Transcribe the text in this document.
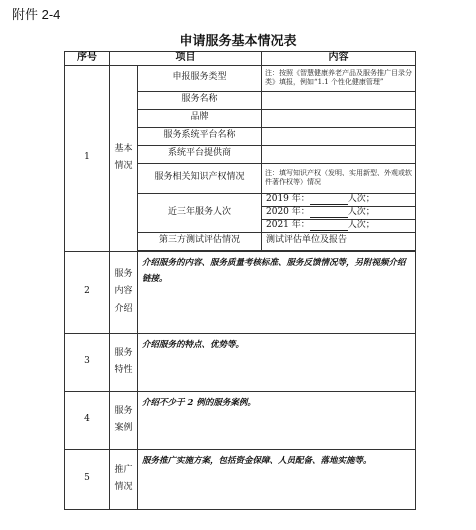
附件 2-4
申请服务基本情况表
序号	项目		内容
1	基本
情况	申报服务类型	注：按照《智慧健康养老产品及服务推广目录分类》填报，例如“1.1 个性化健康管理”
		服务名称	
		品牌	
		服务系统平台名称	
		系统平台提供商	
		服务相关知识产权情况	注：填写知识产权（发明、实用新型、外观或软件著作权等）情况
		近三年服务人次	2019 年： 人次；
			2020 年： 人次；
			2021 年： 人次；
		第三方测试评估情况	测试评估单位及报告

2	服务
内容
介绍	介绍服务的内容、服务质量考核标准、服务反馈情况等，另附视频介绍链接。	
3	服务
特性	介绍服务的特点、优势等。	
4	服务
案例	介绍不少于 2 例的服务案例。	
5	推广
情况	服务推广实施方案，包括资金保障、人员配备、落地实施等。	
